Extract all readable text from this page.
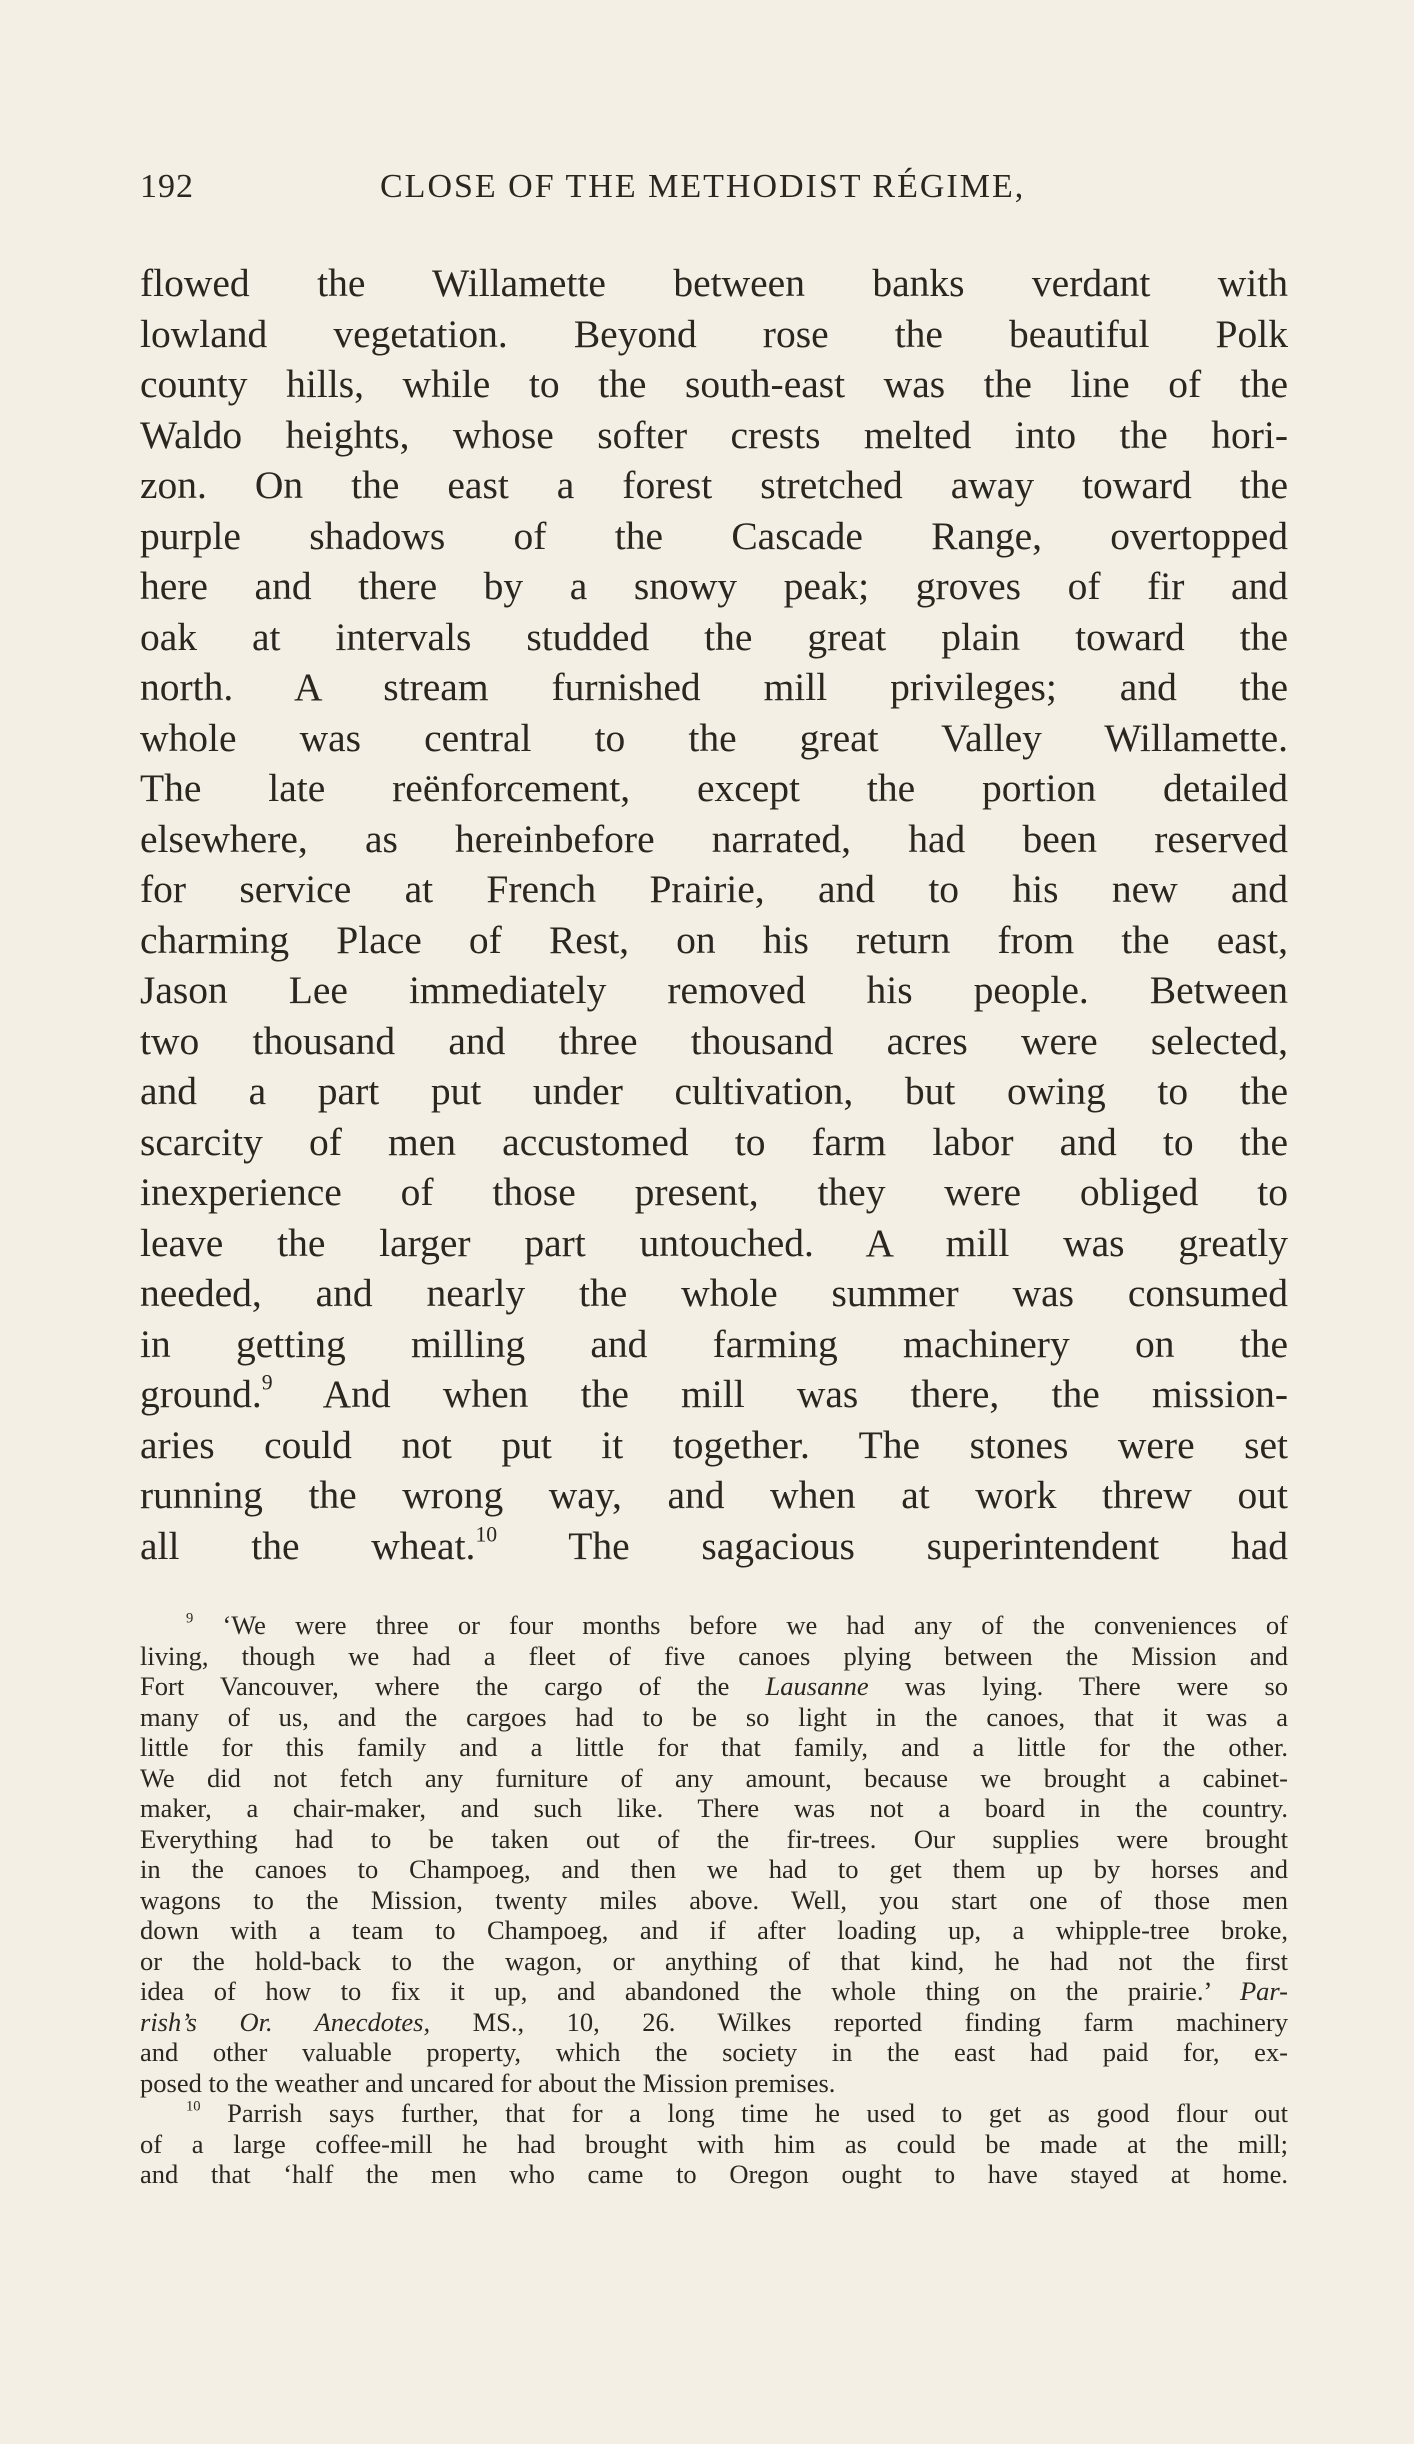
192	CLOSE OF THE METHODIST RÉGIME,
flowed the Willamette between banks verdant with
lowland vegetation. Beyond rose the beautiful Polk
county hills, while to the south-east was the line of the
Waldo heights, whose softer crests melted into the hori-
zon. On the east a forest stretched away toward the
purple shadows of the Cascade Range, overtopped
here and there by a snowy peak; groves of fir and
oak at intervals studded the great plain toward the
north. A stream furnished mill privileges; and the
whole was central to the great Valley Willamette.
The late reënforcement, except the portion detailed
elsewhere, as hereinbefore narrated, had been reserved
for service at French Prairie, and to his new and
charming Place of Rest, on his return from the east,
Jason Lee immediately removed his people. Between
two thousand and three thousand acres were selected,
and a part put under cultivation, but owing to the
scarcity of men accustomed to farm labor and to the
inexperience of those present, they were obliged to
leave the larger part untouched. A mill was greatly
needed, and nearly the whole summer was consumed
in getting milling and farming machinery on the
ground.$^9$ And when the mill was there, the mission-
aries could not put it together. The stones were set
running the wrong way, and when at work threw out
all the wheat.$^{10}$ The sagacious superintendent had
$^9$ ‘We were three or four months before we had any of the conveniences of
living, though we had a fleet of five canoes plying between the Mission and
Fort Vancouver, where the cargo of the Lausanne was lying. There were so
many of us, and the cargoes had to be so light in the canoes, that it was a
little for this family and a little for that family, and a little for the other.
We did not fetch any furniture of any amount, because we brought a cabinet-
maker, a chair-maker, and such like. There was not a board in the country.
Everything had to be taken out of the fir-trees. Our supplies were brought
in the canoes to Champoeg, and then we had to get them up by horses and
wagons to the Mission, twenty miles above. Well, you start one of those men
down with a team to Champoeg, and if after loading up, a whipple-tree broke,
or the hold-back to the wagon, or anything of that kind, he had not the first
idea of how to fix it up, and abandoned the whole thing on the prairie.’ Par-
rish’s Or. Anecdotes, MS., 10, 26. Wilkes reported finding farm machinery
and other valuable property, which the society in the east had paid for, ex-
posed to the weather and uncared for about the Mission premises.
$^{10}$ Parrish says further, that for a long time he used to get as good flour out
of a large coffee-mill he had brought with him as could be made at the mill;
and that ‘half the men who came to Oregon ought to have stayed at home.
